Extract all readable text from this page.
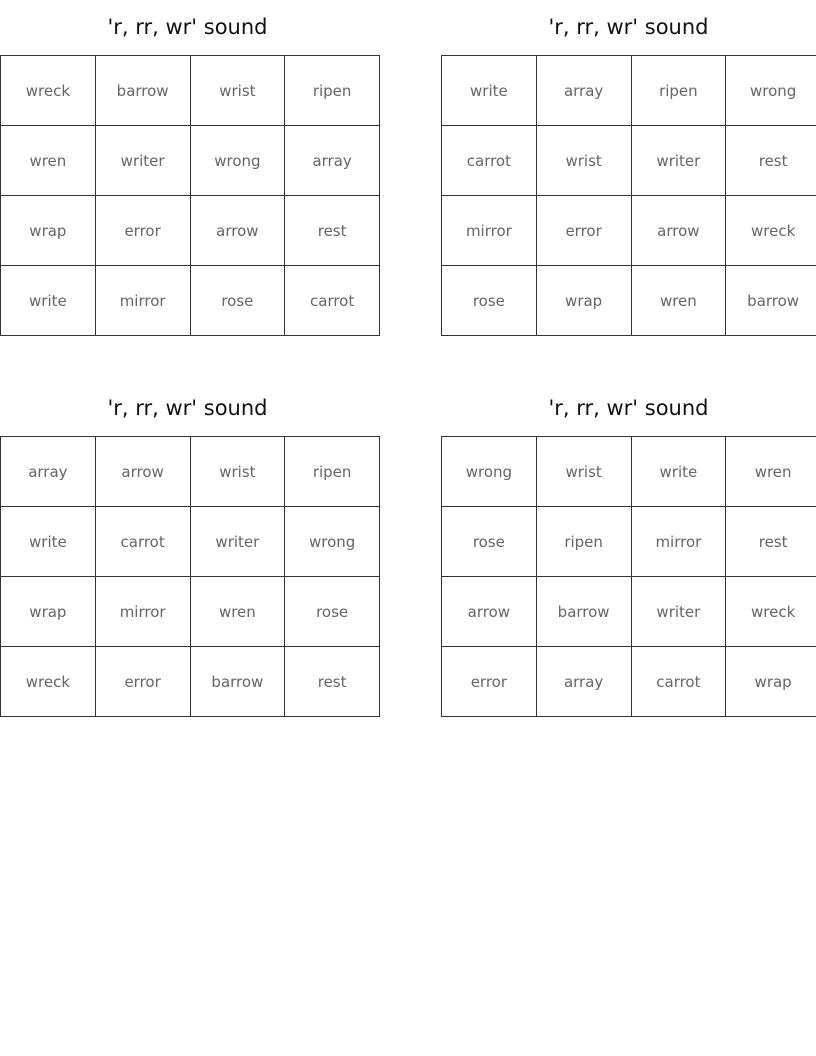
'r, rr, wr' sound
wreck	barrow	wrist	ripen
wren	writer	wrong	array
wrap	error	arrow	rest
write	mirror	rose	carrot
'r, rr, wr' sound
write	array	ripen	wrong
carrot	wrist	writer	rest
mirror	error	arrow	wreck
rose	wrap	wren	barrow
'r, rr, wr' sound
array	arrow	wrist	ripen
write	carrot	writer	wrong
wrap	mirror	wren	rose
wreck	error	barrow	rest
'r, rr, wr' sound
wrong	wrist	write	wren
rose	ripen	mirror	rest
arrow	barrow	writer	wreck
error	array	carrot	wrap
